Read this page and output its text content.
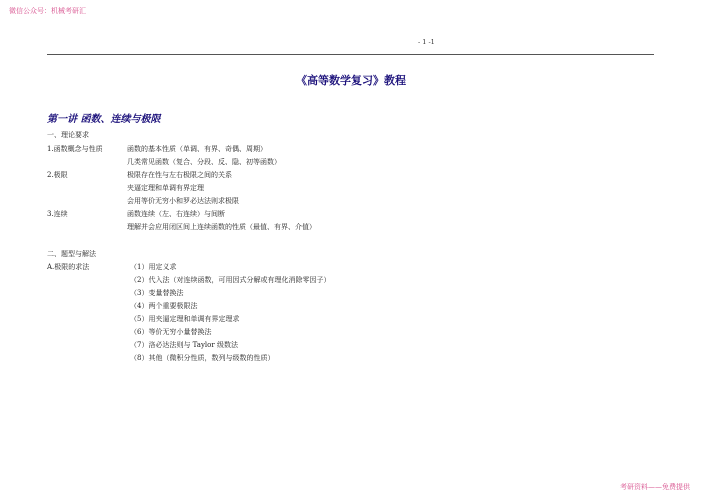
微信公众号：机械考研汇
- 1 -1
《高等数学复习》教程
第一讲 函数、连续与极限
一、理论要求
1.函数概念与性质	函数的基本性质（单调、有界、奇偶、周期）
几类常见函数（复合、分段、反、隐、初等函数）
2.极限	极限存在性与左右极限之间的关系
夹逼定理和单调有界定理
会用等价无穷小和罗必达法则求极限
3.连续	函数连续（左、右连续）与间断
理解并会应用闭区间上连续函数的性质（最值、有界、介值）
二、题型与解法
A.极限的求法	（1）用定义求
（2）代入法（对连续函数，可用因式分解或有理化消除零因子）
（3）变量替换法
（4）两个重要极限法
（5）用夹逼定理和单调有界定理求
（6）等价无穷小量替换法
（7）洛必达法则与 Taylor 级数法
（8）其他（微积分性质，数列与级数的性质）
考研资料——免费提供
